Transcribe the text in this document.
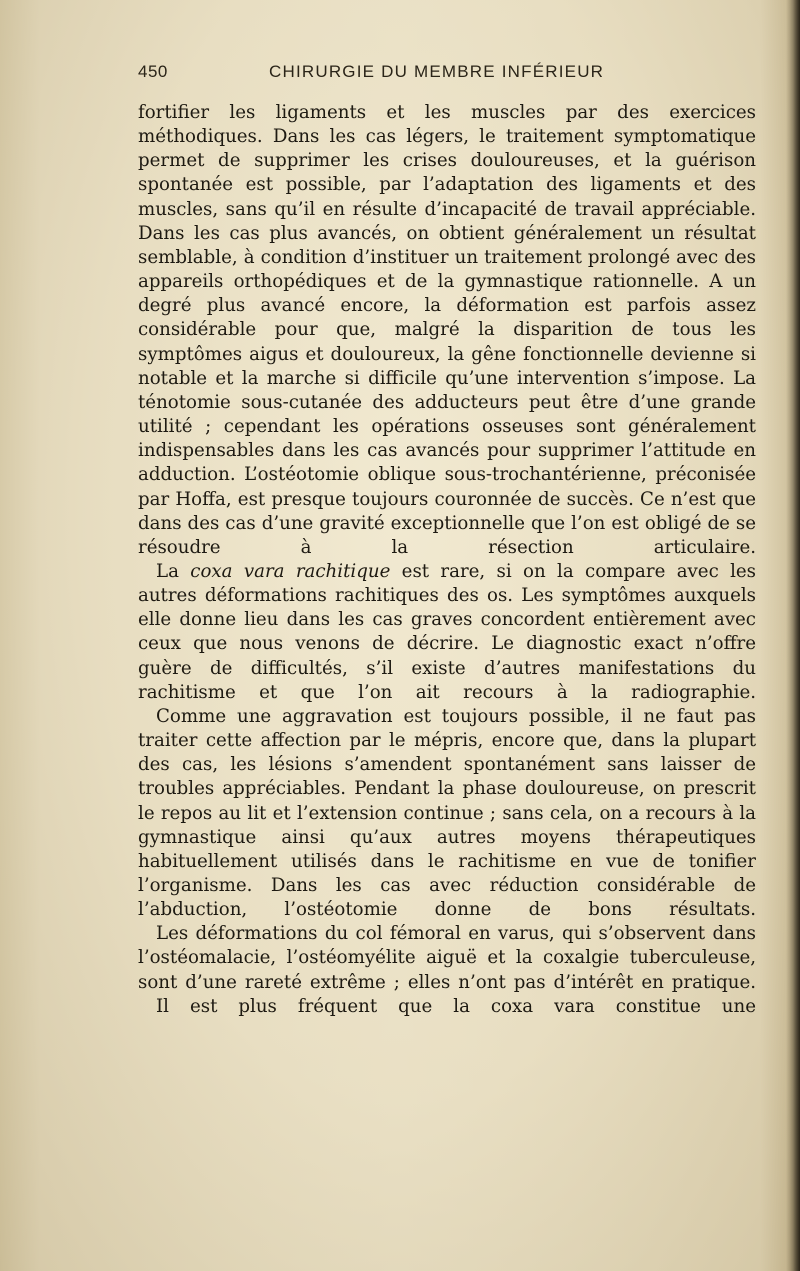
450	CHIRURGIE DU MEMBRE INFÉRIEUR

fortifier les ligaments et les muscles par des exercices méthodiques. Dans les cas légers, le traitement symptomatique permet de supprimer les crises douloureuses, et la guérison spontanée est possible, par l’adaptation des ligaments et des muscles, sans qu’il en résulte d’incapacité de travail appréciable. Dans les cas plus avancés, on obtient généralement un résultat semblable, à condition d’instituer un traitement prolongé avec des appareils orthopédiques et de la gymnastique rationnelle. A un degré plus avancé encore, la déformation est parfois assez considérable pour que, malgré la disparition de tous les symptômes aigus et douloureux, la gêne fonctionnelle devienne si notable et la marche si difficile qu’une intervention s’impose. La ténotomie sous-cutanée des adducteurs peut être d’une grande utilité ; cependant les opérations osseuses sont généralement indispensables dans les cas avancés pour supprimer l’attitude en adduction. L’ostéotomie oblique sous-trochantérienne, préconisée par Hoffa, est presque toujours couronnée de succès. Ce n’est que dans des cas d’une gravité exceptionnelle que l’on est obligé de se résoudre à la résection articulaire.

La coxa vara rachitique est rare, si on la compare avec les autres déformations rachitiques des os. Les symptômes auxquels elle donne lieu dans les cas graves concordent entièrement avec ceux que nous venons de décrire. Le diagnostic exact n’offre guère de difficultés, s’il existe d’autres manifestations du rachitisme et que l’on ait recours à la radiographie.

Comme une aggravation est toujours possible, il ne faut pas traiter cette affection par le mépris, encore que, dans la plupart des cas, les lésions s’amendent spontanément sans laisser de troubles appréciables. Pendant la phase douloureuse, on prescrit le repos au lit et l’extension continue ; sans cela, on a recours à la gymnastique ainsi qu’aux autres moyens thérapeutiques habituellement utilisés dans le rachitisme en vue de tonifier l’organisme. Dans les cas avec réduction considérable de l’abduction, l’ostéotomie donne de bons résultats.

Les déformations du col fémoral en varus, qui s’observent dans l’ostéomalacie, l’ostéomyélite aiguë et la coxalgie tuberculeuse, sont d’une rareté extrême ; elles n’ont pas d’intérêt en pratique.

Il est plus fréquent que la coxa vara constitue une
